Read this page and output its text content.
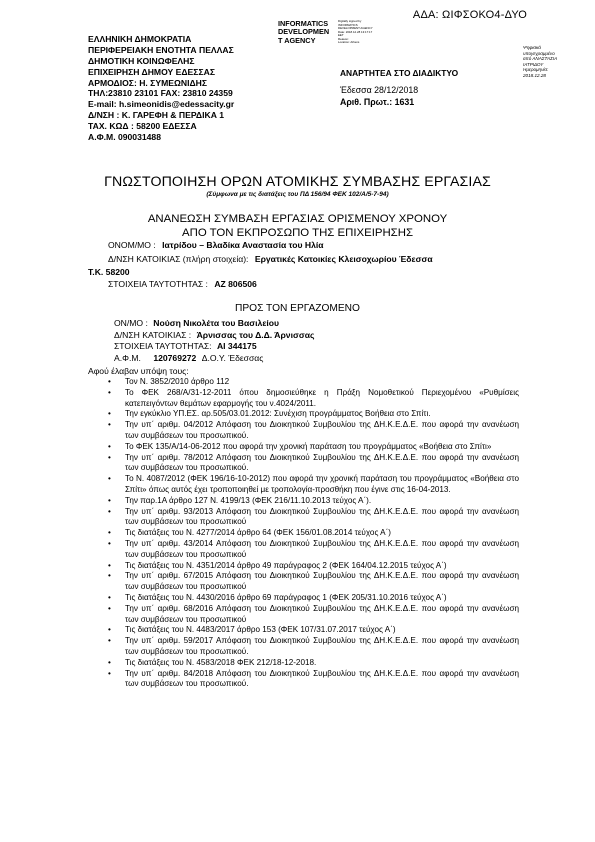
ΑΔΑ: ΩΙΦΣΟΚΟ4-ΔΥΟ
ΕΛΛΗΝΙΚΗ ΔΗΜΟΚΡΑΤΙΑ
ΠΕΡΙΦΕΡΕΙΑΚΗ ΕΝΟΤΗΤΑ ΠΕΛΛΑΣ
ΔΗΜΟΤΙΚΗ ΚΟΙΝΩΦΕΛΗΣ
ΕΠΙΧΕΙΡΗΣΗ ΔΗΜΟΥ ΕΔΕΣΣΑΣ
ΑΡΜΟΔΙΟΣ: Η. ΣΥΜΕΩΝΙΔΗΣ
ΤΗΛ:23810 23101 FAX: 23810 24359
E-mail: h.simeonidis@edessacity.gr
Δ/ΝΣΗ : Κ. ΓΑΡΕΦΗ & ΠΕΡΔΙΚΑ 1
ΤΑΧ. ΚΩΔ : 58200 ΕΔΕΣΣΑ
Α.Φ.Μ. 090031488
INFORMATICS
DEVELOPMEN
T AGENCY
Digitally signed by
INFORMATICS
DEVELOPMENT AGENCY
Date: 2018.12.28 13:17:17
EET
Reason:
Location: Athens
Ψηφιακά
υπογεγραμμένο
από ΑΝΑΣΤΑΣΙΑ
ΙΑΤΡΙΔΟΥ
Ημερομηνία:
2018.12.28
ΑΝΑΡΤΗΤΕΑ ΣΤΟ ΔΙΑΔΙΚΤΥΟ
Έδεσσα 28/12/2018
Αριθ. Πρωτ.: 1631
ΓΝΩΣΤΟΠΟΙΗΣΗ ΟΡΩΝ ΑΤΟΜΙΚΗΣ ΣΥΜΒΑΣΗΣ ΕΡΓΑΣΙΑΣ
(Σύμφωνα με τις διατάξεις του ΠΔ 156/94 ΦΕΚ 102/Α/5-7-94)
ΑΝΑΝΕΩΣΗ ΣΥΜΒΑΣΗ ΕΡΓΑΣΙΑΣ ΟΡΙΣΜΕΝΟΥ ΧΡΟΝΟΥ
ΑΠΟ ΤΟΝ ΕΚΠΡΟΣΩΠΟ ΤΗΣ ΕΠΙΧΕΙΡΗΣΗΣ
ΟΝΟΜ/ΜΟ : Ιατρίδου – Βλαδίκα Αναστασία του Ηλία
Δ/ΝΣΗ ΚΑΤΟΙΚΙΑΣ (πλήρη στοιχεία): Εργατικές Κατοικίες Κλεισοχωρίου Έδεσσα
Τ.Κ. 58200
ΣΤΟΙΧΕΙΑ ΤΑΥΤΟΤΗΤΑΣ : ΑΖ 806506
ΠΡΟΣ ΤΟΝ ΕΡΓΑΖΟΜΕΝΟ
ΟΝ/ΜΟ : Νούση Νικολέτα του Βασιλείου
Δ/ΝΣΗ ΚΑΤΟΙΚΙΑΣ : Άρνισσας του Δ.Δ. Άρνισσας
ΣΤΟΙΧΕΙΑ ΤΑΥΤΟΤΗΤΑΣ: ΑΙ 344175
Α.Φ.Μ. 120769272 Δ.Ο.Υ. Έδεσσας
Αφού έλαβαν υπόψη τους:
• Τον Ν. 3852/2010 άρθρο 112
• Το ΦΕΚ 268/Α/31-12-2011 όπου δημοσιεύθηκε η Πράξη Νομοθετικού Περιεχομένου «Ρυθμίσεις κατεπειγόντων θεμάτων εφαρμογής του ν.4024/2011.
• Την εγκύκλιο ΥΠ.ΕΣ. αρ.505/03.01.2012: Συνέχιση προγράμματος Βοήθεια στο Σπίτι.
• Την υπ΄ αριθμ. 04/2012 Απόφαση του Διοικητικού Συμβουλίου της ΔΗ.Κ.Ε.Δ.Ε. που αφορά την ανανέωση των συμβάσεων του προσωπικού.
• Το ΦΕΚ 135/Α/14-06-2012 που αφορά την χρονική παράταση του προγράμματος «Βοήθεια στο Σπίτι»
• Την υπ΄ αριθμ. 78/2012 Απόφαση του Διοικητικού Συμβουλίου της ΔΗ.Κ.Ε.Δ.Ε. που αφορά την ανανέωση των συμβάσεων του προσωπικού.
• Το Ν. 4087/2012 (ΦΕΚ 196/16-10-2012) που αφορά την χρονική παράταση του προγράμματος «Βοήθεια στο Σπίτι» όπως αυτός έχει τροποποιηθεί με τροπολογία-προσθήκη που έγινε στις 16-04-2013.
• Την παρ.1Α άρθρο 127 Ν. 4199/13 (ΦΕΚ 216/11.10.2013 τεύχος Α΄).
• Την υπ΄ αριθμ. 93/2013 Απόφαση του Διοικητικού Συμβουλίου της ΔΗ.Κ.Ε.Δ.Ε. που αφορά την ανανέωση των συμβάσεων του προσωπικού
• Τις διατάξεις του Ν. 4277/2014 άρθρο 64 (ΦΕΚ 156/01.08.2014 τεύχος Α΄)
• Την υπ΄ αριθμ. 43/2014 Απόφαση του Διοικητικού Συμβουλίου της ΔΗ.Κ.Ε.Δ.Ε. που αφορά την ανανέωση των συμβάσεων του προσωπικού
• Τις διατάξεις του Ν. 4351/2014 άρθρο 49 παράγραφος 2 (ΦΕΚ 164/04.12.2015 τεύχος Α΄)
• Την υπ΄ αριθμ. 67/2015 Απόφαση του Διοικητικού Συμβουλίου της ΔΗ.Κ.Ε.Δ.Ε. που αφορά την ανανέωση των συμβάσεων του προσωπικού
• Τις διατάξεις του Ν. 4430/2016 άρθρο 69 παράγραφος 1 (ΦΕΚ 205/31.10.2016 τεύχος Α΄)
• Την υπ΄ αριθμ. 68/2016 Απόφαση του Διοικητικού Συμβουλίου της ΔΗ.Κ.Ε.Δ.Ε. που αφορά την ανανέωση των συμβάσεων του προσωπικού
• Τις διατάξεις του Ν. 4483/2017 άρθρο 153 (ΦΕΚ 107/31.07.2017 τεύχος Α΄)
• Την υπ΄ αριθμ. 59/2017 Απόφαση του Διοικητικού Συμβουλίου της ΔΗ.Κ.Ε.Δ.Ε. που αφορά την ανανέωση των συμβάσεων του προσωπικού.
• Τις διατάξεις του Ν. 4583/2018 ΦΕΚ 212/18-12-2018.
• Την υπ΄ αριθμ. 84/2018 Απόφαση του Διοικητικού Συμβουλίου της ΔΗ.Κ.Ε.Δ.Ε. που αφορά την ανανέωση των συμβάσεων του προσωπικού.
